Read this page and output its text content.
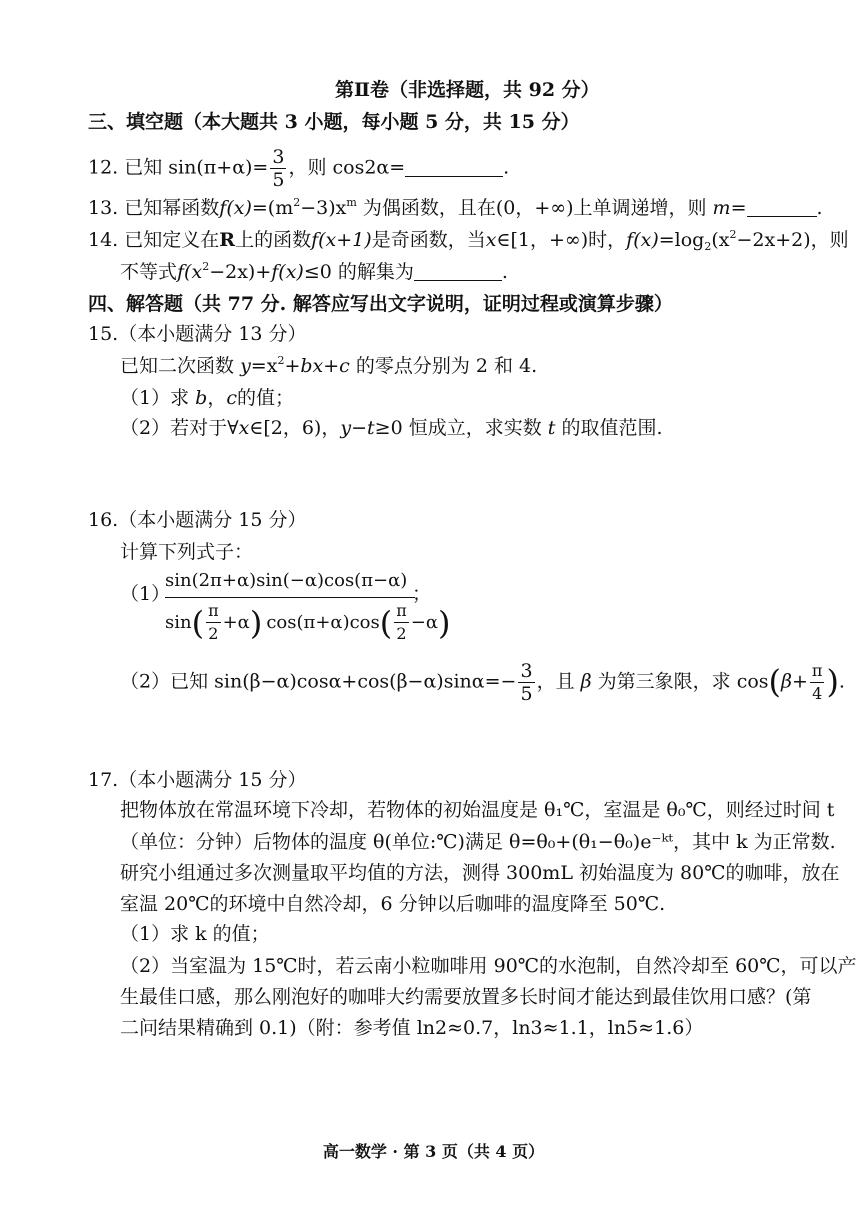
第Ⅱ卷（非选择题，共 92 分）
三、填空题（本大题共 3 小题，每小题 5 分，共 15 分）
12. 已知 $\sin(\pi+\alpha)= \frac{3}{5}$ ，则 cos2α=	.
13. 已知幂函数$f(x)=(m^2-3)x^m$ 为偶函数，且在(0，+∞)上单调递增，则 m=	.
14. 已知定义在R上的函数f(x+1)是奇函数，当x∈[1，+∞)时，$f(x)=\log_2(x^2-2x+2)$，则
不等式$f(x^2-2x)+f(x)\le 0$ 的解集为	.
四、解答题（共 77 分. 解答应写出文字说明，证明过程或演算步骤）
15.（本小题满分 13 分）
已知二次函数 $y=x^2+bx+c$ 的零点分别为 2 和 4.
（1）求 b，c的值；
（2）若对于∀x∈[2，6)，y−t≥0 恒成立，求实数 t 的取值范围.
16.（本小题满分 15 分）
计算下列式子：
（1）
sin(2π+α)sin(−α)cos(π−α)
sin ( $\frac{\pi}{2} +\alpha$ ) cos(π+α)cos ( $\frac{\pi}{2} -\alpha$ )
；
（2）已知 $\sin(\beta-\alpha)\cos\alpha+\cos(\beta-\alpha)\sin\alpha=- \frac{3}{5}$ ，且 β 为第三象限，求 $\cos(\beta+ \frac{\pi}{4}$ ).
17.（本小题满分 15 分）
把物体放在常温环境下冷却，若物体的初始温度是 θ₁℃，室温是 θ₀℃，则经过时间 t
（单位：分钟）后物体的温度 θ(单位:℃)满足 θ=θ₀+(θ₁−θ₀)e⁻ᵏᵗ，其中 k 为正常数.
研究小组通过多次测量取平均值的方法，测得 300mL 初始温度为 80℃的咖啡，放在
室温 20℃的环境中自然冷却，6 分钟以后咖啡的温度降至 50℃.
（1）求 k 的值；
（2）当室温为 15℃时，若云南小粒咖啡用 90℃的水泡制，自然冷却至 60℃，可以产
生最佳口感，那么刚泡好的咖啡大约需要放置多长时间才能达到最佳饮用口感？(第
二问结果精确到 0.1)（附：参考值 ln2≈0.7，ln3≈1.1，ln5≈1.6）
高一数学 · 第 3 页（共 4 页）
